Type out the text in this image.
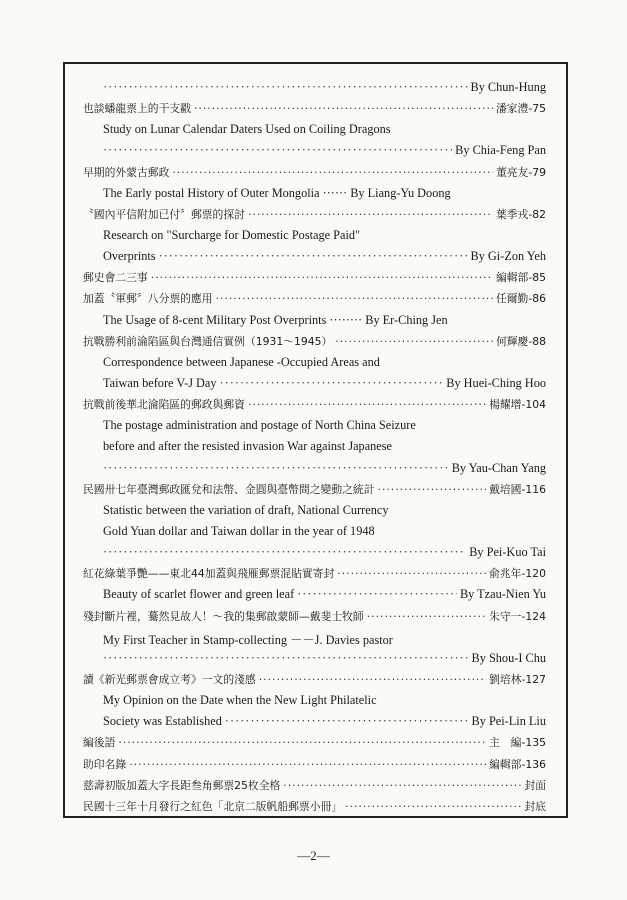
·····
By Chun-Hung
也談蟠龍票上的干支戳 ·····	潘家澧-75
Study on Lunar Calendar Daters Used on Coiling Dragons
·····
By Chia-Feng Pan
早期的外蒙古郵政 ·····	董亮友-79
The Early postal History of Outer Mongolia ······ By Liang-Yu Doong
〝國內平信附加已付〞郵票的探討 ·····	葉季戎-82
Research on "Surcharge for Domestic Postage Paid"
Overprints ·····	By Gi-Zon Yeh
郵史會二三事 ·····	編輯部-85
加蓋〝軍郵〞八分票的應用 ·····	任爾勤-86
The Usage of 8-cent Military Post Overprints ········ By Er-Ching Jen
抗戰勝利前淪陷區與台灣通信實例（1931～1945） ·····	何輝慶-88
Correspondence between Japanese -Occupied Areas and
Taiwan before V-J Day ·····	By Huei-Ching Hoo
抗戰前後華北淪陷區的郵政與郵資 ·····	楊耀增-104
The postage administration and postage of North China Seizure
before and after the resisted invasion War against Japanese
·····
By Yau-Chan Yang
民國卅七年臺灣郵政匯兌和法幣、金圓與臺幣間之變動之統計 ·····	戴培國-116
Statistic between the variation of draft, National Currency
Gold Yuan dollar and Taiwan dollar in the year of 1948
·····
By Pei-Kuo Tai
紅花綠葉爭艷——東北44加蓋與飛雁郵票混貼實寄封 ·····	俞兆年-120
Beauty of scarlet flower and green leaf ·····	By Tzau-Nien Yu
殘封斷片裡，驀然見故人！～我的集郵啟蒙師—戴斐士牧師 ·····	朱守一-124
My First Teacher in Stamp-collecting －－J. Davies pastor
·····
By Shou-I Chu
讀《新光郵票會成立考》一文的淺感 ·····	劉培林-127
My Opinion on the Date when the New Light Philatelic
Society was Established ·····	By Pei-Lin Liu
編後語 ·····	主　編-135
助印名錄 ·····	編輯部-136
慈壽初版加蓋大字長距叁角郵票25枚全格 ·····	封面
民國十三年十月發行之紅色「北京二版帆船郵票小冊」 ·····	封底
—2—
